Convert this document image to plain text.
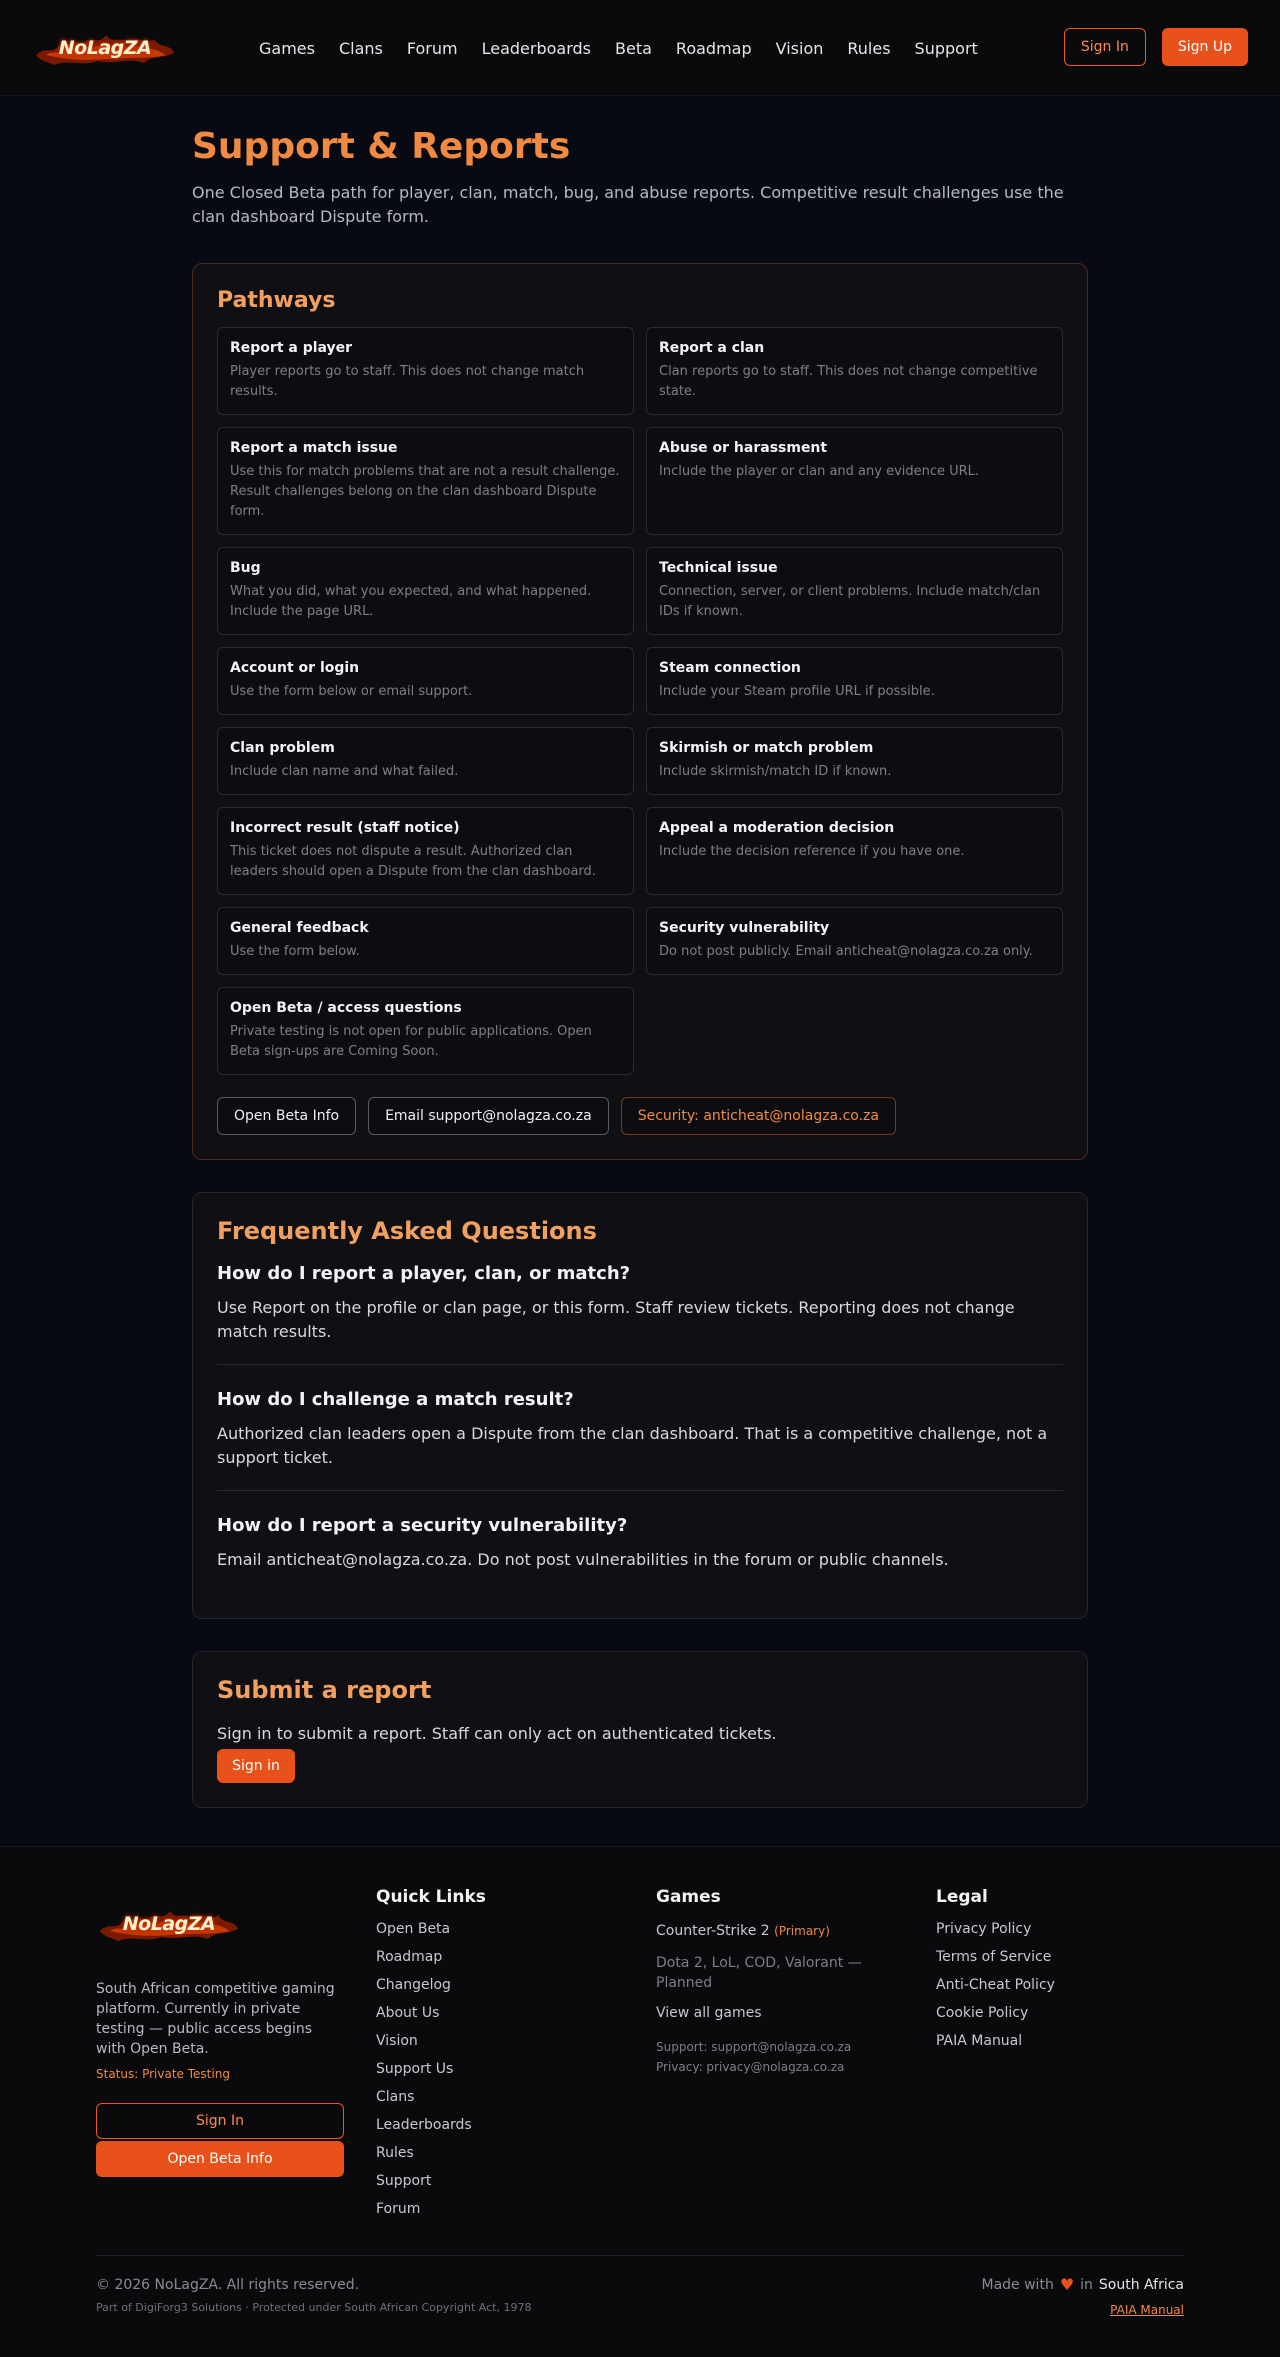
NoLagZA	Games Clans Forum Leaderboards Beta Roadmap Vision Rules Support	Sign In	Sign Up
Support & Reports

One Closed Beta path for player, clan, match, bug, and abuse reports. Competitive result challenges use the clan dashboard Dispute form.

Pathways
Report a player
Player reports go to staff. This does not change match results.
Report a clan
Clan reports go to staff. This does not change competitive state.
Report a match issue
Use this for match problems that are not a result challenge. Result challenges belong on the clan dashboard Dispute form.
Abuse or harassment
Include the player or clan and any evidence URL.
Bug
What you did, what you expected, and what happened. Include the page URL.
Technical issue
Connection, server, or client problems. Include match/clan IDs if known.
Account or login
Use the form below or email support.
Steam connection
Include your Steam profile URL if possible.
Clan problem
Include clan name and what failed.
Skirmish or match problem
Include skirmish/match ID if known.
Incorrect result (staff notice)
This ticket does not dispute a result. Authorized clan leaders should open a Dispute from the clan dashboard.
Appeal a moderation decision
Include the decision reference if you have one.
General feedback
Use the form below.
Security vulnerability
Do not post publicly. Email anticheat@nolagza.co.za only.
Open Beta / access questions
Private testing is not open for public applications. Open Beta sign-ups are Coming Soon.
Open Beta Info	Email support@nolagza.co.za	Security: anticheat@nolagza.co.za
Frequently Asked Questions
How do I report a player, clan, or match?

Use Report on the profile or clan page, or this form. Staff review tickets. Reporting does not change match results.

How do I challenge a match result?

Authorized clan leaders open a Dispute from the clan dashboard. That is a competitive challenge, not a support ticket.

How do I report a security vulnerability?

Email anticheat@nolagza.co.za. Do not post vulnerabilities in the forum or public channels.

Submit a report

Sign in to submit a report. Staff can only act on authenticated tickets.

Sign in
NoLagZA

South African competitive gaming platform. Currently in private testing — public access begins with Open Beta.

Status: Private Testing
Sign In
Open Beta Info
Quick Links
Open Beta
Roadmap
Changelog
About Us
Vision
Support Us
Clans
Leaderboards
Rules
Support
Forum
Games
Counter-Strike 2 (Primary)
Dota 2, LoL, COD, Valorant — Planned
View all games
Support: support@nolagza.co.za
Privacy: privacy@nolagza.co.za
Legal
Privacy Policy
Terms of Service
Anti-Cheat Policy
Cookie Policy
PAIA Manual
© 2026 NoLagZA. All rights reserved.
Part of DigiForg3 Solutions · Protected under South African Copyright Act, 1978
Made with ♥ in South Africa
PAIA Manual
